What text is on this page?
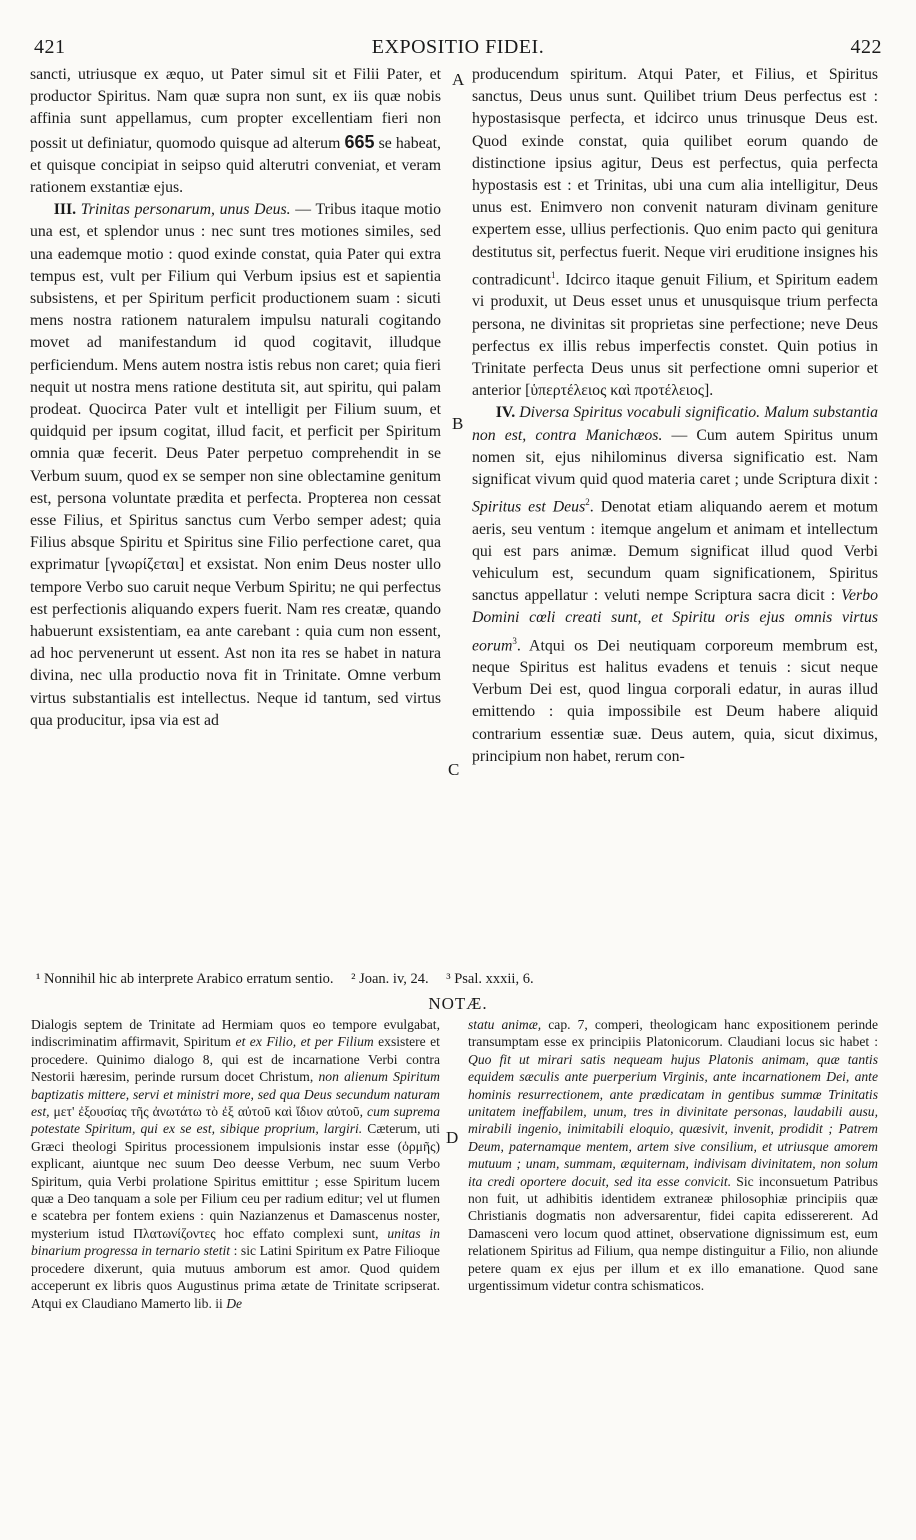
421	EXPOSITIO FIDEI.	422
A
B
C
D

sancti, utriusque ex æquo, ut Pater simul sit et Filii Pater, et productor Spiritus. Nam quæ supra non sunt, ex iis quæ nobis affinia sunt appellamus, cum propter excellentiam fieri non possit ut definiatur, quomodo quisque ad alterum 665 se habeat, et quisque concipiat in seipso quid alterutri conveniat, et veram rationem exstantiæ ejus.

III. Trinitas personarum, unus Deus. — Tribus itaque motio una est, et splendor unus : nec sunt tres motiones similes, sed una eademque motio : quod exinde constat, quia Pater qui extra tempus est, vult per Filium qui Verbum ipsius est et sapientia subsistens, et per Spiritum perficit productionem suam : sicuti mens nostra rationem naturalem impulsu naturali cogitando movet ad manifestandum id quod cogitavit, illudque perficiendum. Mens autem nostra istis rebus non caret; quia fieri nequit ut nostra mens ratione destituta sit, aut spiritu, qui palam prodeat. Quocirca Pater vult et intelligit per Filium suum, et quidquid per ipsum cogitat, illud facit, et perficit per Spiritum omnia quæ fecerit. Deus Pater perpetuo comprehendit in se Verbum suum, quod ex se semper non sine oblectamine genitum est, persona voluntate prædita et perfecta. Propterea non cessat esse Filius, et Spiritus sanctus cum Verbo semper adest; quia Filius absque Spiritu et Spiritus sine Filio perfectione caret, qua exprimatur [γνωρίζεται] et exsistat. Non enim Deus noster ullo tempore Verbo suo caruit neque Verbum Spiritu; ne qui perfectus est perfectionis aliquando expers fuerit. Nam res creatæ, quando habuerunt exsistentiam, ea ante carebant : quia cum non essent, ad hoc pervenerunt ut essent. Ast non ita res se habet in natura divina, nec ulla productio nova fit in Trinitate. Omne verbum virtus substantialis est intellectus. Neque id tantum, sed virtus qua producitur, ipsa via est ad

producendum spiritum. Atqui Pater, et Filius, et Spiritus sanctus, Deus unus sunt. Quilibet trium Deus perfectus est : hypostasisque perfecta, et idcirco unus trinusque Deus est. Quod exinde constat, quia quilibet eorum quando de distinctione ipsius agitur, Deus est perfectus, quia perfecta hypostasis est : et Trinitas, ubi una cum alia intelligitur, Deus unus est. Enimvero non convenit naturam divinam geniture expertem esse, ullius perfectionis. Quo enim pacto qui genitura destitutus sit, perfectus fuerit. Neque viri eruditione insignes his contradicunt$^1$. Idcirco itaque genuit Filium, et Spiritum eadem vi produxit, ut Deus esset unus et unusquisque trium perfecta persona, ne divinitas sit proprietas sine perfectione; neve Deus perfectus ex illis rebus imperfectis constet. Quin potius in Trinitate perfecta Deus unus sit perfectione omni superior et anterior [ὑπερτέλειος καὶ προτέλειος].

IV. Diversa Spiritus vocabuli significatio. Malum substantia non est, contra Manichæos. — Cum autem Spiritus unum nomen sit, ejus nihilominus diversa significatio est. Nam significat vivum quid quod materia caret ; unde Scriptura dixit : Spiritus est Deus$^2$. Denotat etiam aliquando aerem et motum aeris, seu ventum : itemque angelum et animam et intellectum qui est pars animæ. Demum significat illud quod Verbi vehiculum est, secundum quam significationem, Spiritus sanctus appellatur : veluti nempe Scriptura sacra dicit : Verbo Domini cœli creati sunt, et Spiritu oris ejus omnis virtus eorum$^3$. Atqui os Dei neutiquam corporeum membrum est, neque Spiritus est halitus evadens et tenuis : sicut neque Verbum Dei est, quod lingua corporali edatur, in auras illud emittendo : quia impossibile est Deum habere aliquid contrarium essentiæ suæ. Deus autem, quia, sicut diximus, principium non habet, rerum con-

¹ Nonnihil hic ab interprete Arabico erratum sentio. ² Joan. iv, 24. ³ Psal. xxxii, 6.
NOTÆ.

Dialogis septem de Trinitate ad Hermiam quos eo tempore evulgabat, indiscriminatim affirmavit, Spiritum et ex Filio, et per Filium exsistere et procedere. Quinimo dialogo 8, qui est de incarnatione Verbi contra Nestorii hæresim, perinde rursum docet Christum, non alienum Spiritum baptizatis mittere, servi et ministri more, sed qua Deus secundum naturam est, μετ' ἐξουσίας τῆς ἀνωτάτω τὸ ἐξ αὐτοῦ καὶ ἴδιον αὐτοῦ, cum suprema potestate Spiritum, qui ex se est, sibique proprium, largiri. Cæterum, uti Græci theologi Spiritus processionem impulsionis instar esse (ὁρμῆς) explicant, aiuntque nec suum Deo deesse Verbum, nec suum Verbo Spiritum, quia Verbi prolatione Spiritus emittitur ; esse Spiritum lucem quæ a Deo tanquam a sole per Filium ceu per radium editur; vel ut flumen e scatebra per fontem exiens : quin Nazianzenus et Damascenus noster, mysterium istud Πλατωνίζοντες hoc effato complexi sunt, unitas in binarium progressa in ternario stetit : sic Latini Spiritum ex Patre Filioque procedere dixerunt, quia mutuus amborum est amor. Quod quidem acceperunt ex libris quos Augustinus prima ætate de Trinitate scripserat. Atqui ex Claudiano Mamerto lib. ii De

statu animæ, cap. 7, comperi, theologicam hanc expositionem perinde transumptam esse ex principiis Platonicorum. Claudiani locus sic habet : Quo fit ut mirari satis nequeam hujus Platonis animam, quæ tantis equidem sæculis ante puerperium Virginis, ante incarnationem Dei, ante hominis resurrectionem, ante prædicatam in gentibus summæ Trinitatis unitatem ineffabilem, unum, tres in divinitate personas, laudabili ausu, mirabili ingenio, inimitabili eloquio, quæsivit, invenit, prodidit ; Patrem Deum, paternamque mentem, artem sive consilium, et utriusque amorem mutuum ; unam, summam, æquiternam, indivisam divinitatem, non solum ita credi oportere docuit, sed ita esse convicit. Sic inconsuetum Patribus non fuit, ut adhibitis identidem extraneæ philosophiæ principiis quæ Christianis dogmatis non adversarentur, fidei capita edissererent. Ad Damasceni vero locum quod attinet, observatione dignissimum est, eum relationem Spiritus ad Filium, qua nempe distinguitur a Filio, non aliunde petere quam ex ejus per illum et ex illo emanatione. Quod sane urgentissimum videtur contra schismaticos.
